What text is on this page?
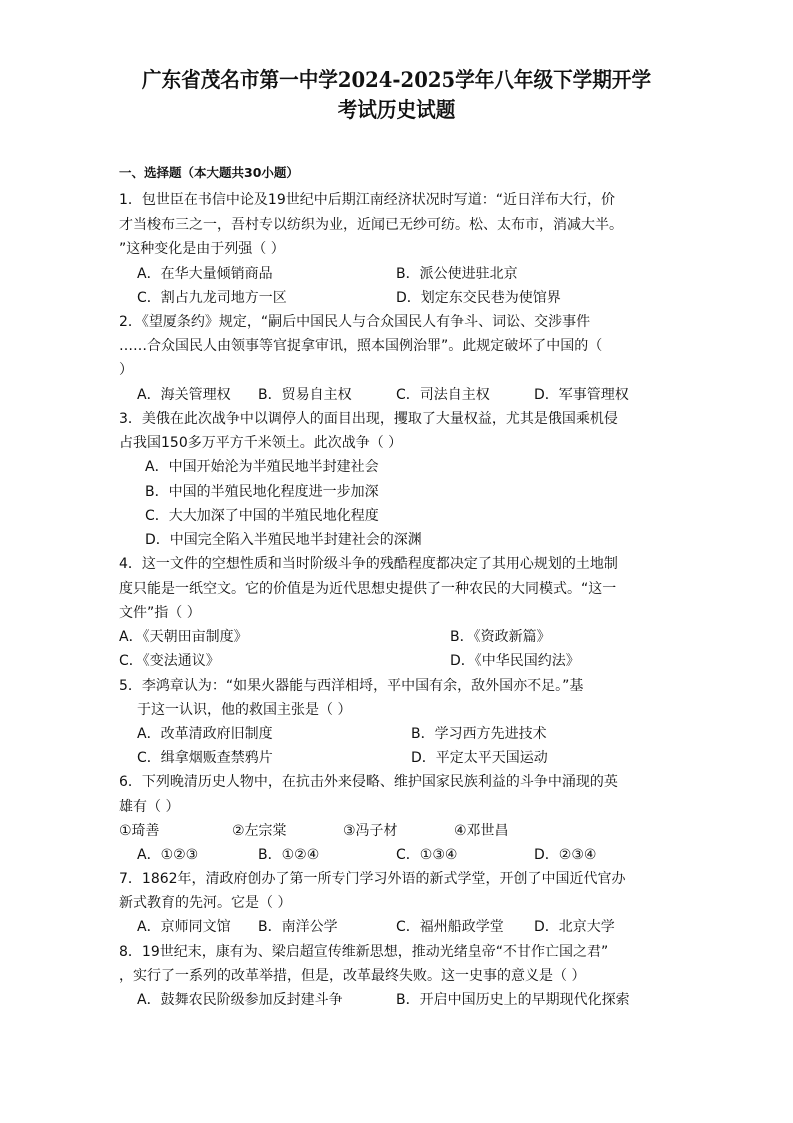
广东省茂名市第一中学2024-2025学年八年级下学期开学
考试历史试题
一、选择题（本大题共30小题）
1．包世臣在书信中论及19世纪中后期江南经济状况时写道：“近日洋布大行，价
才当梭布三之一，吾村专以纺织为业，近闻已无纱可纺。松、太布市，消减大半。
”这种变化是由于列强（ ）
A．在华大量倾销商品	B．派公使进驻北京
C．割占九龙司地方一区	D．划定东交民巷为使馆界
2．《望厦条约》规定，“嗣后中国民人与合众国民人有争斗、词讼、交涉事件
……合众国民人由领事等官捉拿审讯，照本国例治罪”。此规定破坏了中国的（
）
A．海关管理权 B．贸易自主权	C．司法自主权	D．军事管理权
3．美俄在此次战争中以调停人的面目出现，攫取了大量权益，尤其是俄国乘机侵
占我国150多万平方千米领土。此次战争（ ）
A．中国开始沦为半殖民地半封建社会
B．中国的半殖民地化程度进一步加深
C．大大加深了中国的半殖民地化程度
D．中国完全陷入半殖民地半封建社会的深渊
4．这一文件的空想性质和当时阶级斗争的残酷程度都决定了其用心规划的土地制
度只能是一纸空文。它的价值是为近代思想史提供了一种农民的大同模式。“这一
文件”指（ ）
A．《天朝田亩制度》	B．《资政新篇》
C．《变法通议》	D．《中华民国约法》
5．李鸿章认为：“如果火器能与西洋相埒，平中国有余，敌外国亦不足。”基
于这一认识，他的救国主张是（ ）
A．改革清政府旧制度	B．学习西方先进技术
C．缉拿烟贩查禁鸦片	D．平定太平天国运动
6．下列晚清历史人物中，在抗击外来侵略、维护国家民族利益的斗争中涌现的英
雄有（ ）
①琦善	②左宗棠	③冯子材	④邓世昌
A．①②③	B．①②④	C．①③④	D．②③④
7．1862年，清政府创办了第一所专门学习外语的新式学堂，开创了中国近代官办
新式教育的先河。它是（ ）
A．京师同文馆 B．南洋公学	C．福州船政学堂 D．北京大学
8．19世纪末，康有为、梁启超宣传维新思想，推动光绪皇帝“不甘作亡国之君”
，实行了一系列的改革举措，但是，改革最终失败。这一史事的意义是（ ）
A．鼓舞农民阶级参加反封建斗争	B．开启中国历史上的早期现代化探索
